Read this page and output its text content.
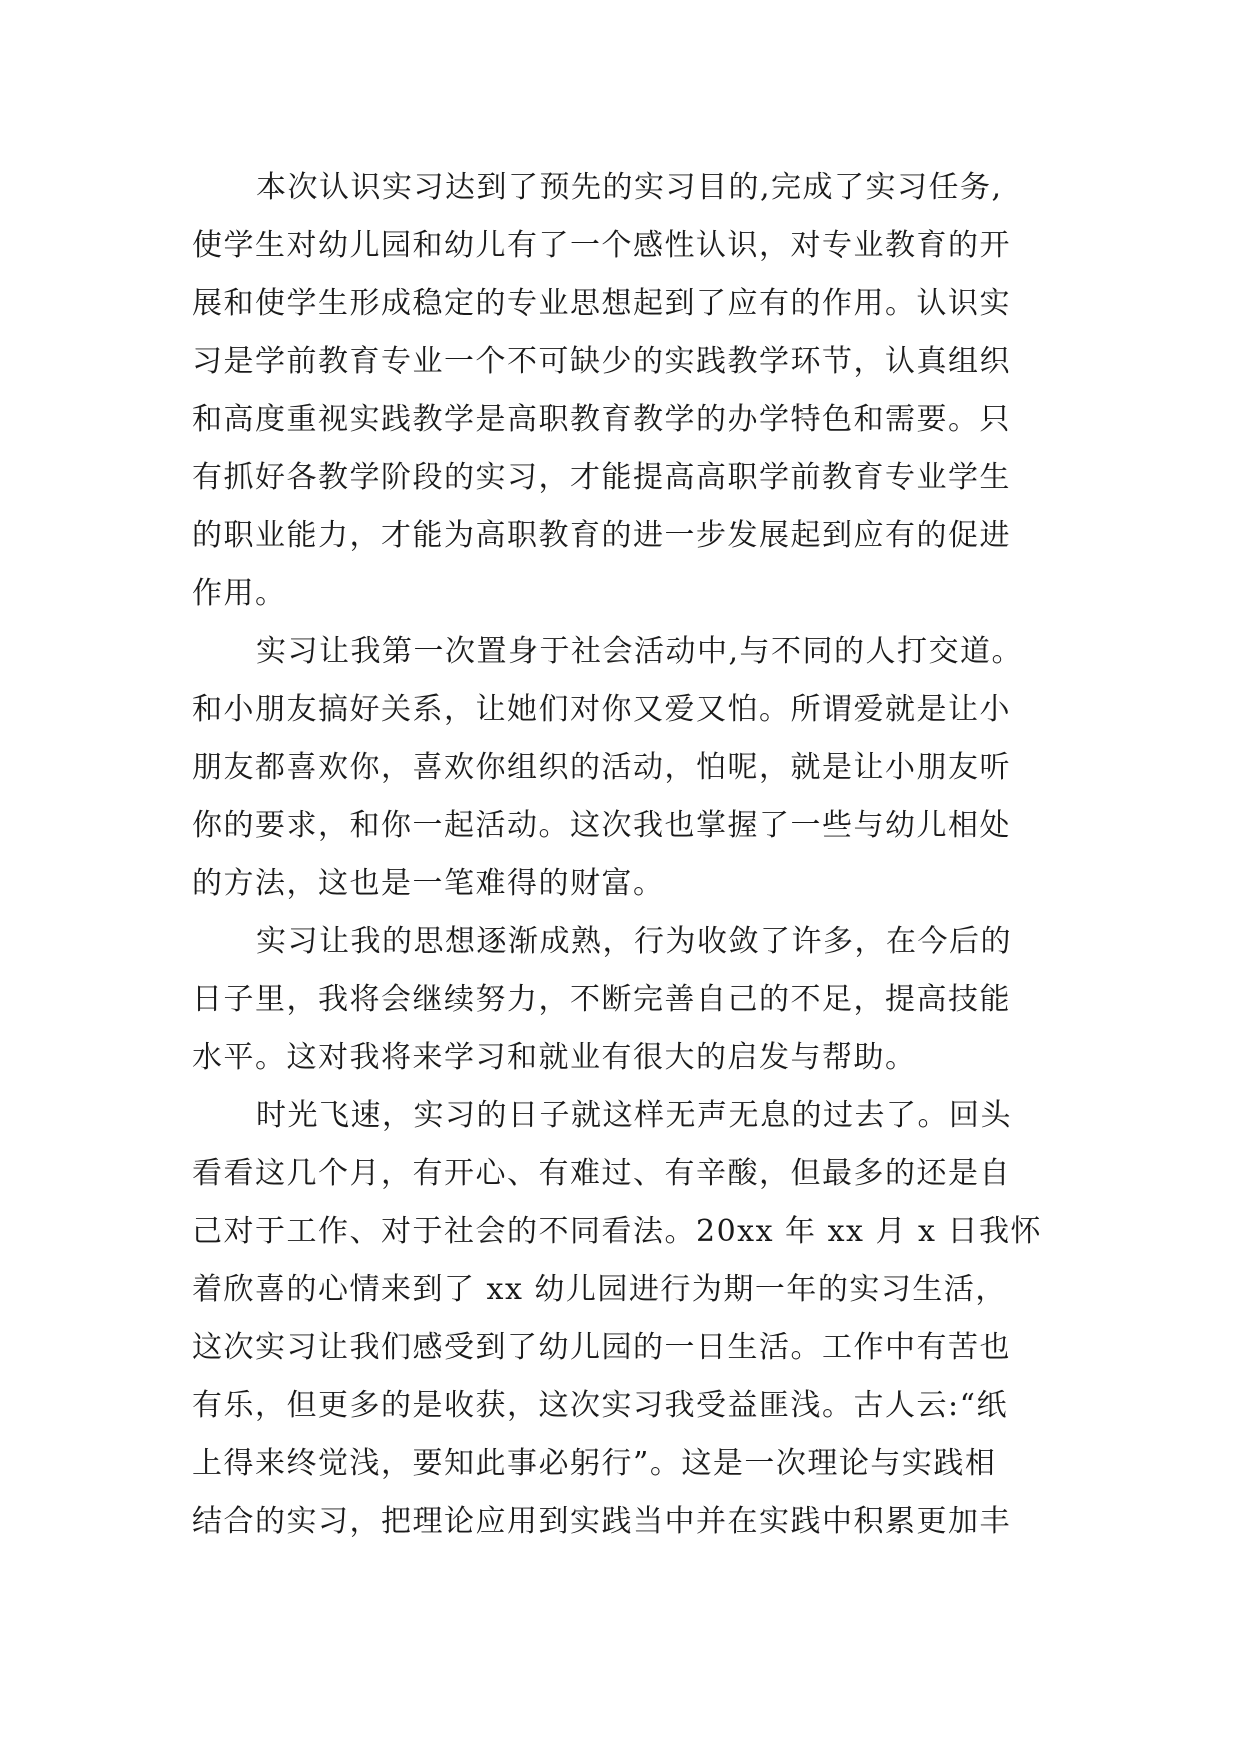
本次认识实习达到了预先的实习目的,完成了实习任务,
使学生对幼儿园和幼儿有了一个感性认识，对专业教育的开
展和使学生形成稳定的专业思想起到了应有的作用。认识实
习是学前教育专业一个不可缺少的实践教学环节，认真组织
和高度重视实践教学是高职教育教学的办学特色和需要。只
有抓好各教学阶段的实习，才能提高高职学前教育专业学生
的职业能力，才能为高职教育的进一步发展起到应有的促进
作用。
实习让我第一次置身于社会活动中,与不同的人打交道。
和小朋友搞好关系，让她们对你又爱又怕。所谓爱就是让小
朋友都喜欢你，喜欢你组织的活动，怕呢，就是让小朋友听
你的要求，和你一起活动。这次我也掌握了一些与幼儿相处
的方法，这也是一笔难得的财富。
实习让我的思想逐渐成熟，行为收敛了许多，在今后的
日子里，我将会继续努力，不断完善自己的不足，提高技能
水平。这对我将来学习和就业有很大的启发与帮助。
时光飞速，实习的日子就这样无声无息的过去了。回头
看看这几个月，有开心、有难过、有辛酸，但最多的还是自
己对于工作、对于社会的不同看法。20xx 年 xx 月 x 日我怀
着欣喜的心情来到了 xx 幼儿园进行为期一年的实习生活，
这次实习让我们感受到了幼儿园的一日生活。工作中有苦也
有乐，但更多的是收获，这次实习我受益匪浅。古人云:“纸
上得来终觉浅，要知此事必躬行”。这是一次理论与实践相
结合的实习，把理论应用到实践当中并在实践中积累更加丰
